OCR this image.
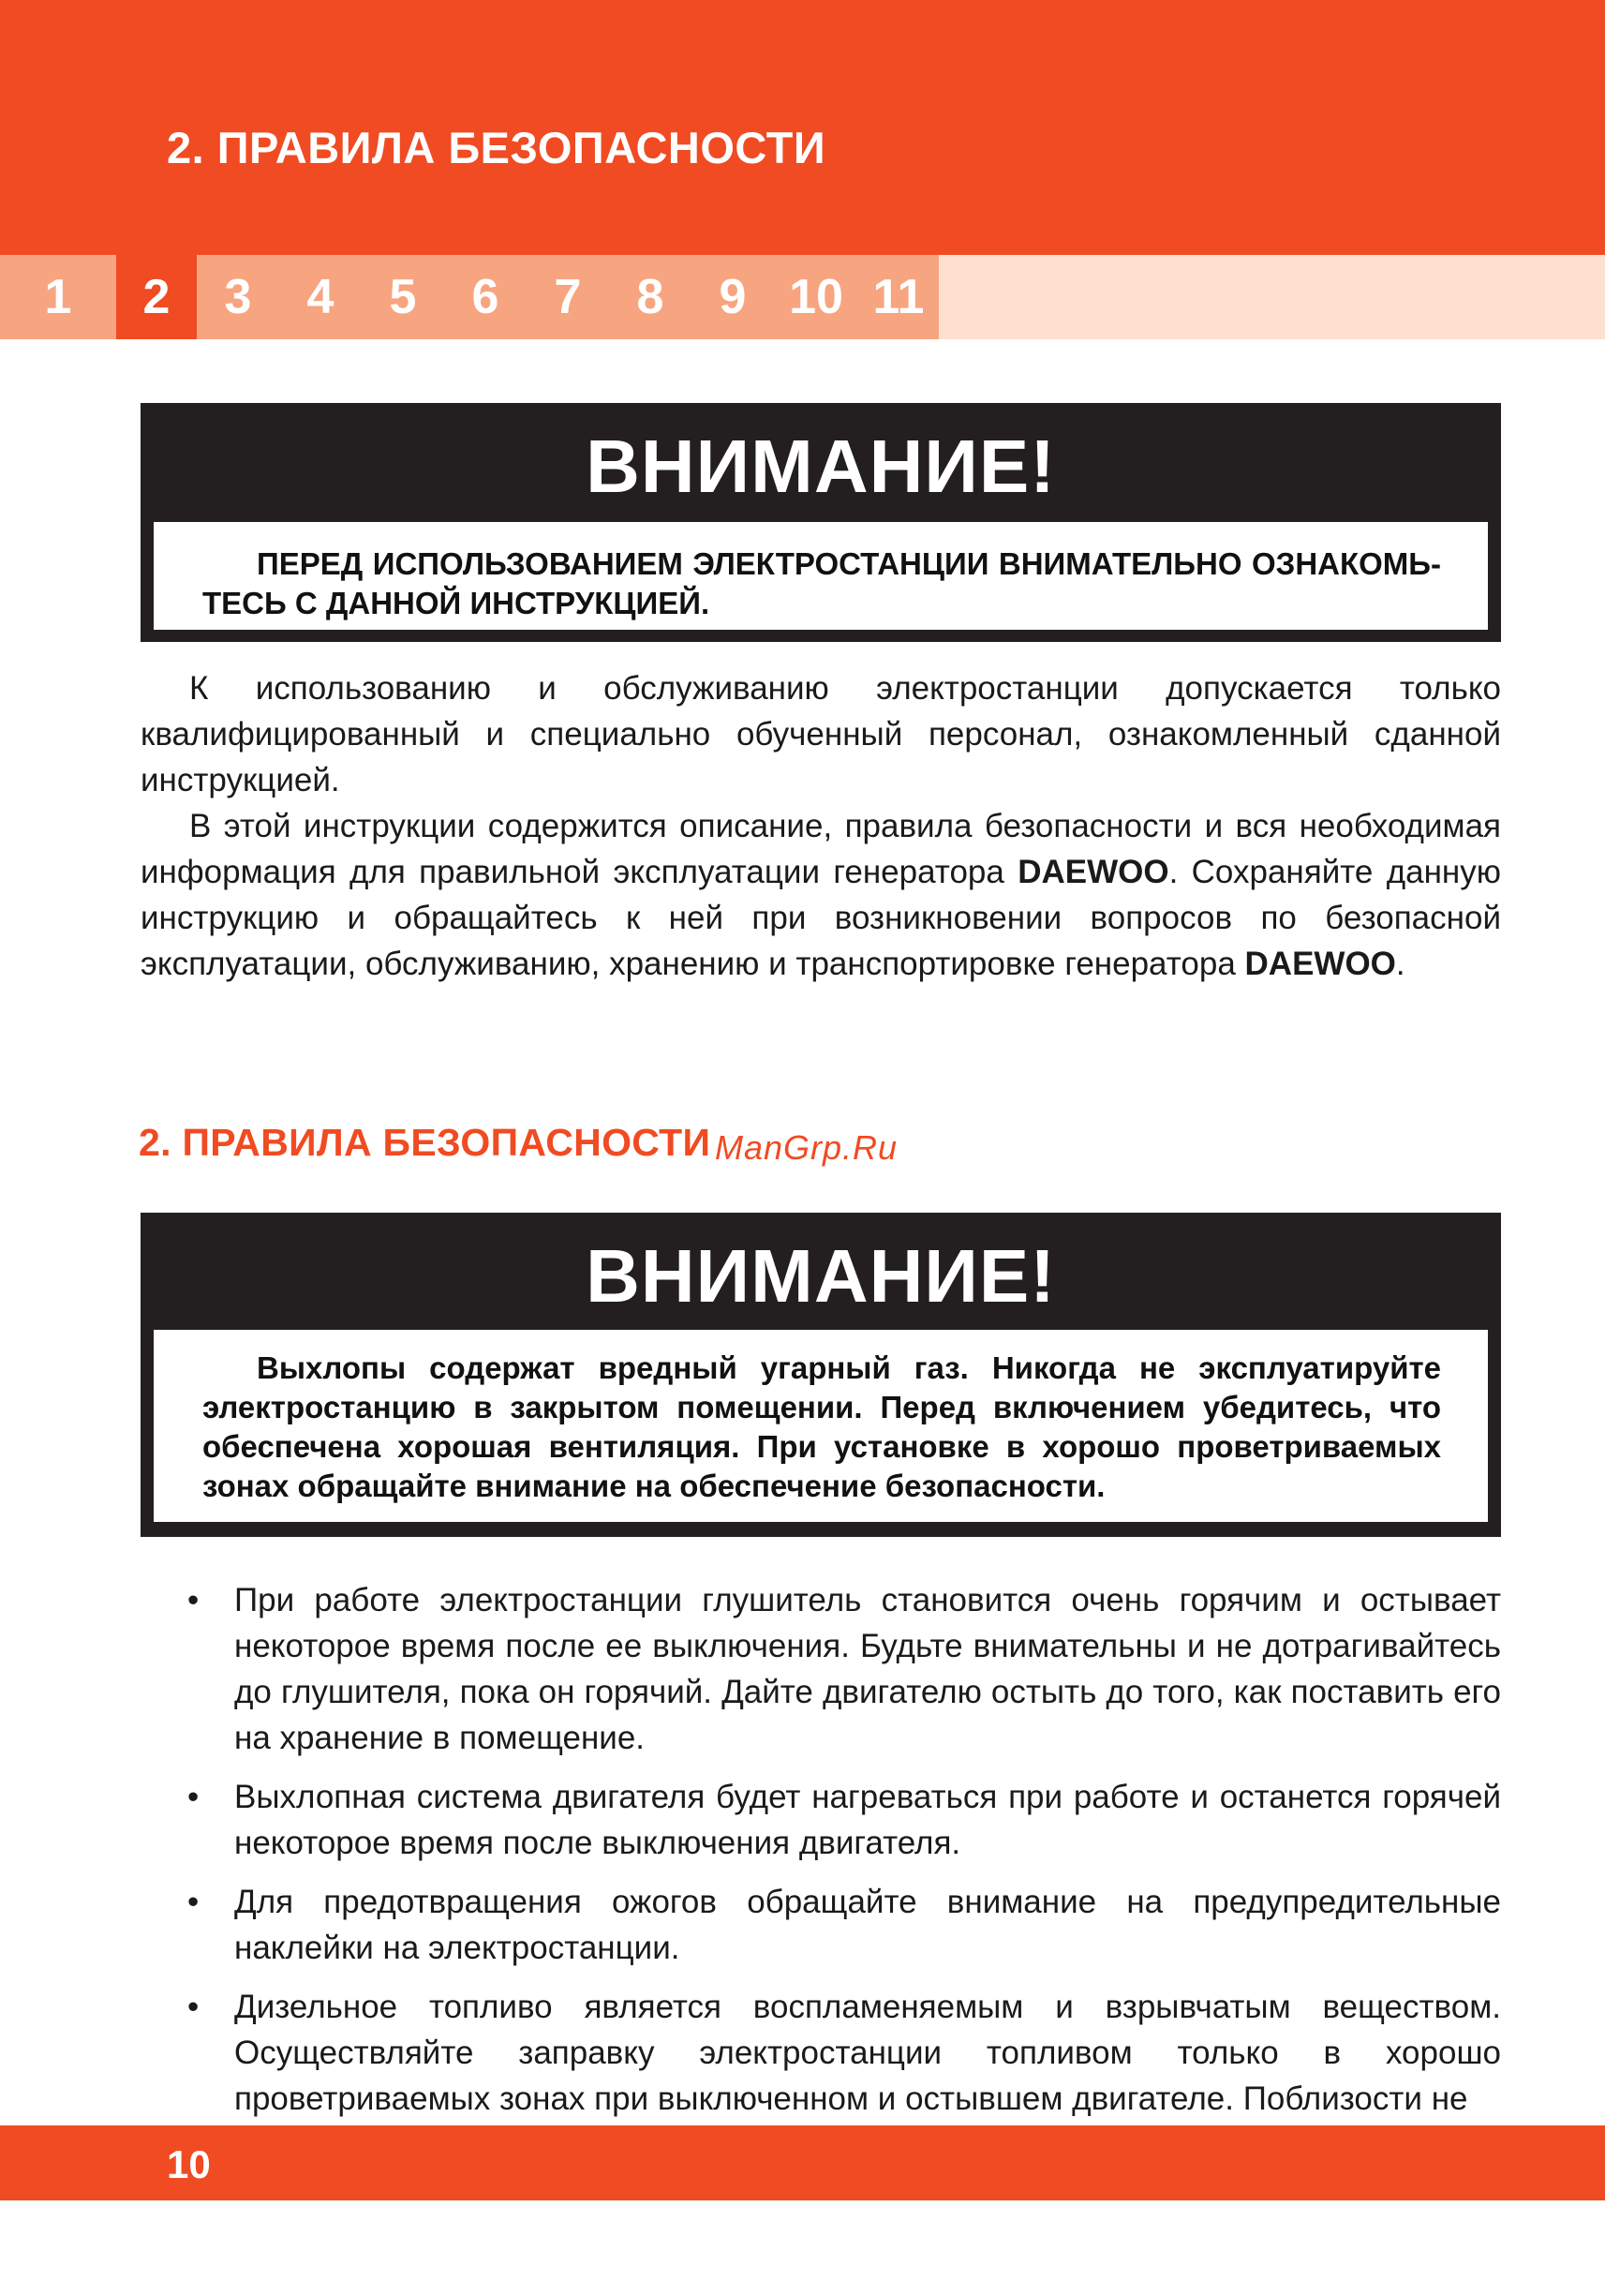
2. ПРАВИЛА БЕЗОПАСНОСТИ
1	2	3	4	5	6	7	8	9 10 11
ВНИМАНИЕ!
ПЕРЕД ИСПОЛЬЗОВАНИЕМ ЭЛЕКТРОСТАНЦИИ ВНИМАТЕЛЬНО ОЗНАКОМЬ- ТЕСЬ С ДАННОЙ ИНСТРУКЦИЕЙ.

К использованию и обслуживанию электростанции допускается только квалифицированный и специально обученный персонал, ознакомленный сданной инструкцией.

В этой инструкции содержится описание, правила безопасности и вся необходимая информация для правильной эксплуатации генератора DAEWOO. Сохраняйте данную инструкцию и обращайтесь к ней при возникновении вопросов по безопасной эксплуатации, обслуживанию, хранению и транспортировке генератора DAEWOO.

2. ПРАВИЛА БЕЗОПАСНОСТИ ManGrp.Ru
ВНИМАНИЕ!
Выхлопы содержат вредный угарный газ. Никогда не эксплуатируйте электростанцию в закрытом помещении. Перед включением убедитесь, что обеспечена хорошая вентиляция. При установке в хорошо проветриваемых зонах обращайте внимание на обеспечение безопасности.
• При работе электростанции глушитель становится очень горячим и остывает некоторое время после ее выключения. Будьте внимательны и не дотрагивайтесь до глушителя, пока он горячий. Дайте двигателю остыть до того, как поставить его на хранение в помещение.
• Выхлопная система двигателя будет нагреваться при работе и останется горячей некоторое время после выключения двигателя.
• Для предотвращения ожогов обращайте внимание на предупредительные наклейки на электростанции.
• Дизельное топливо является воспламеняемым и взрывчатым веществом. Осуществляйте заправку электростанции топливом только в хорошо проветриваемых зонах при выключенном и остывшем двигателе. Поблизости не
10
